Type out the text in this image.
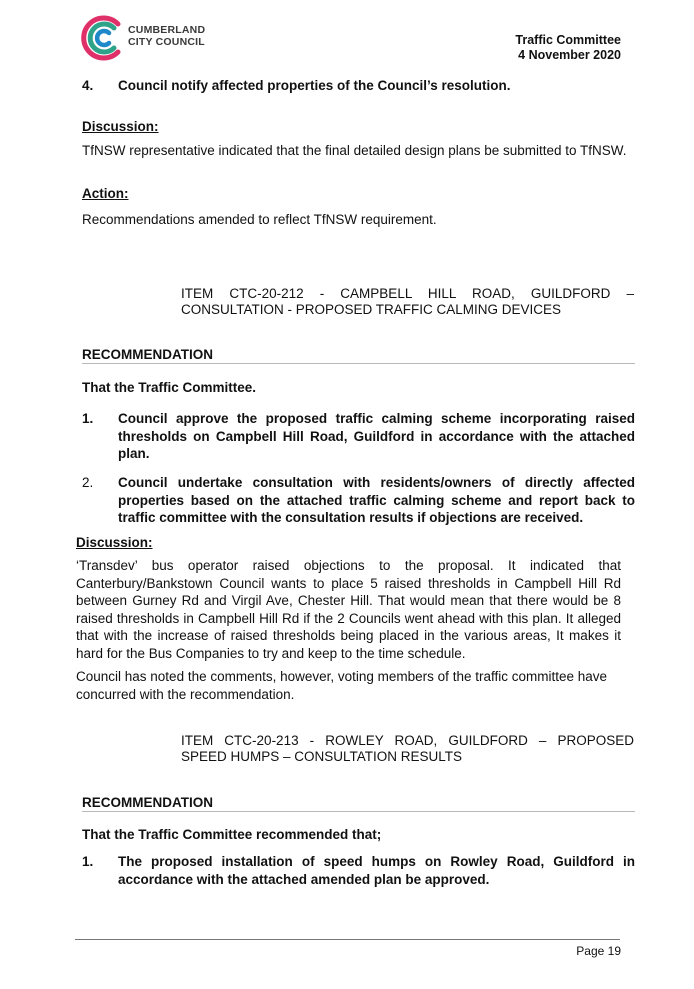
CUMBERLAND
CITY COUNCIL	Traffic Committee
4 November 2020
4. Council notify affected properties of the Council’s resolution.
Discussion:
TfNSW representative indicated that the final detailed design plans be submitted to TfNSW.
Action:
Recommendations amended to reflect TfNSW requirement.
ITEM CTC-20-212 - CAMPBELL HILL ROAD, GUILDFORD –
CONSULTATION - PROPOSED TRAFFIC CALMING DEVICES
RECOMMENDATION
That the Traffic Committee.
1. Council approve the proposed traffic calming scheme incorporating raised thresholds on Campbell Hill Road, Guildford in accordance with the attached plan.
2. Council undertake consultation with residents/owners of directly affected properties based on the attached traffic calming scheme and report back to traffic committee with the consultation results if objections are received.
Discussion:
‘Transdev’ bus operator raised objections to the proposal. It indicated that Canterbury/Bankstown Council wants to place 5 raised thresholds in Campbell Hill Rd between Gurney Rd and Virgil Ave, Chester Hill. That would mean that there would be 8 raised thresholds in Campbell Hill Rd if the 2 Councils went ahead with this plan. It alleged that with the increase of raised thresholds being placed in the various areas, It makes it hard for the Bus Companies to try and keep to the time schedule.
Council has noted the comments, however, voting members of the traffic committee have concurred with the recommendation.
ITEM CTC-20-213 - ROWLEY ROAD, GUILDFORD – PROPOSED
SPEED HUMPS – CONSULTATION RESULTS
RECOMMENDATION
That the Traffic Committee recommended that;
1. The proposed installation of speed humps on Rowley Road, Guildford in accordance with the attached amended plan be approved.
Page 19
